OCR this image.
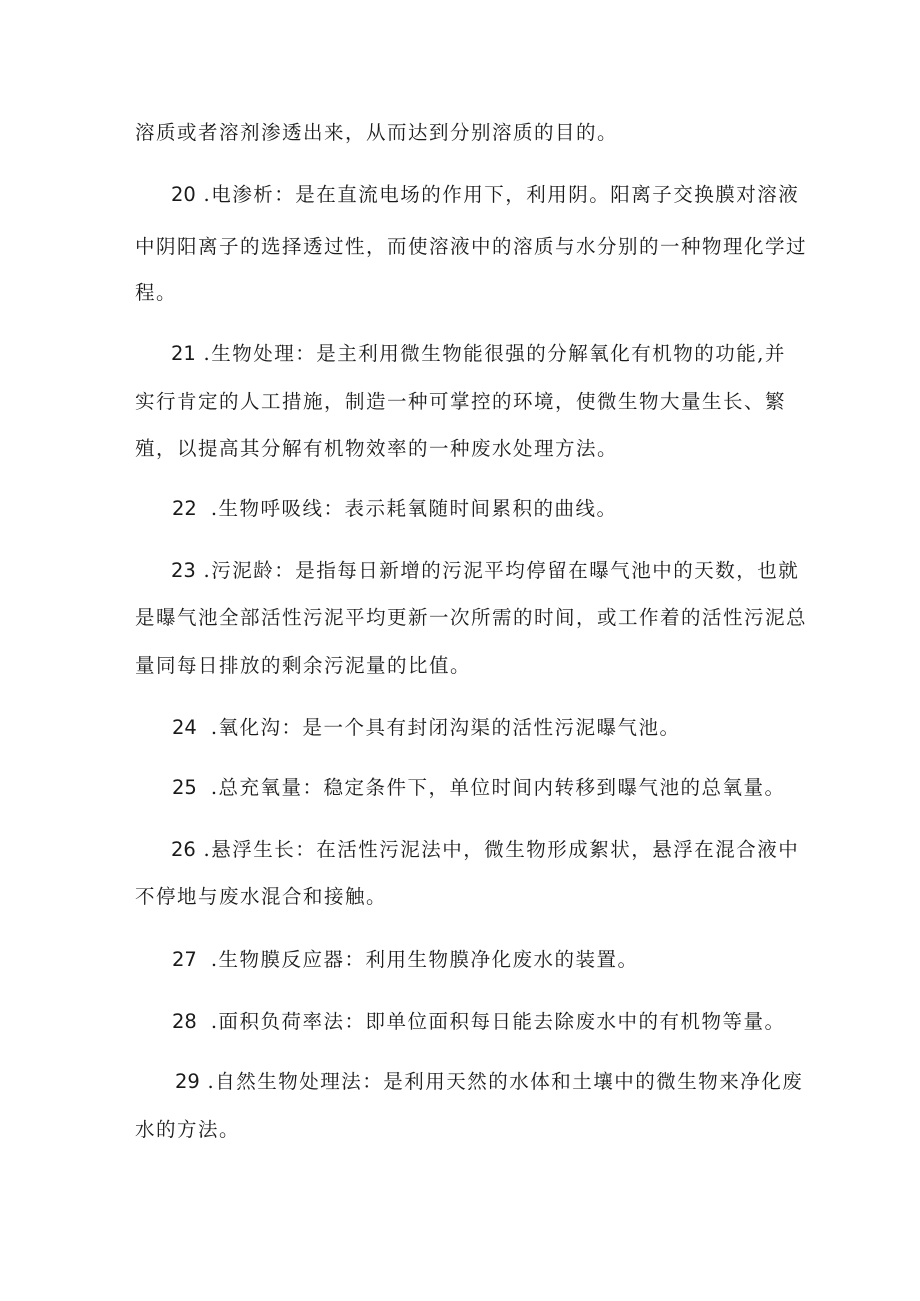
溶质或者溶剂渗透出来，从而达到分别溶质的目的。
20 .电渗析：是在直流电场的作用下，利用阴。阳离子交换膜对溶液
中阴阳离子的选择透过性，而使溶液中的溶质与水分别的一种物理化学过
程。
21 .生物处理：是主利用微生物能很强的分解氧化有机物的功能,并
实行肯定的人工措施，制造一种可掌控的环境，使微生物大量生长、繁
殖，以提高其分解有机物效率的一种废水处理方法。
22 .生物呼吸线：表示耗氧随时间累积的曲线。
23 .污泥龄：是指每日新增的污泥平均停留在曝气池中的天数，也就
是曝气池全部活性污泥平均更新一次所需的时间，或工作着的活性污泥总
量同每日排放的剩余污泥量的比值。
24 .氧化沟：是一个具有封闭沟渠的活性污泥曝气池。
25 .总充氧量：稳定条件下，单位时间内转移到曝气池的总氧量。
26 .悬浮生长：在活性污泥法中，微生物形成絮状，悬浮在混合液中
不停地与废水混合和接触。
27 .生物膜反应器：利用生物膜净化废水的装置。
28 .面积负荷率法：即单位面积每日能去除废水中的有机物等量。
29 .自然生物处理法：是利用天然的水体和土壤中的微生物来净化废
水的方法。
